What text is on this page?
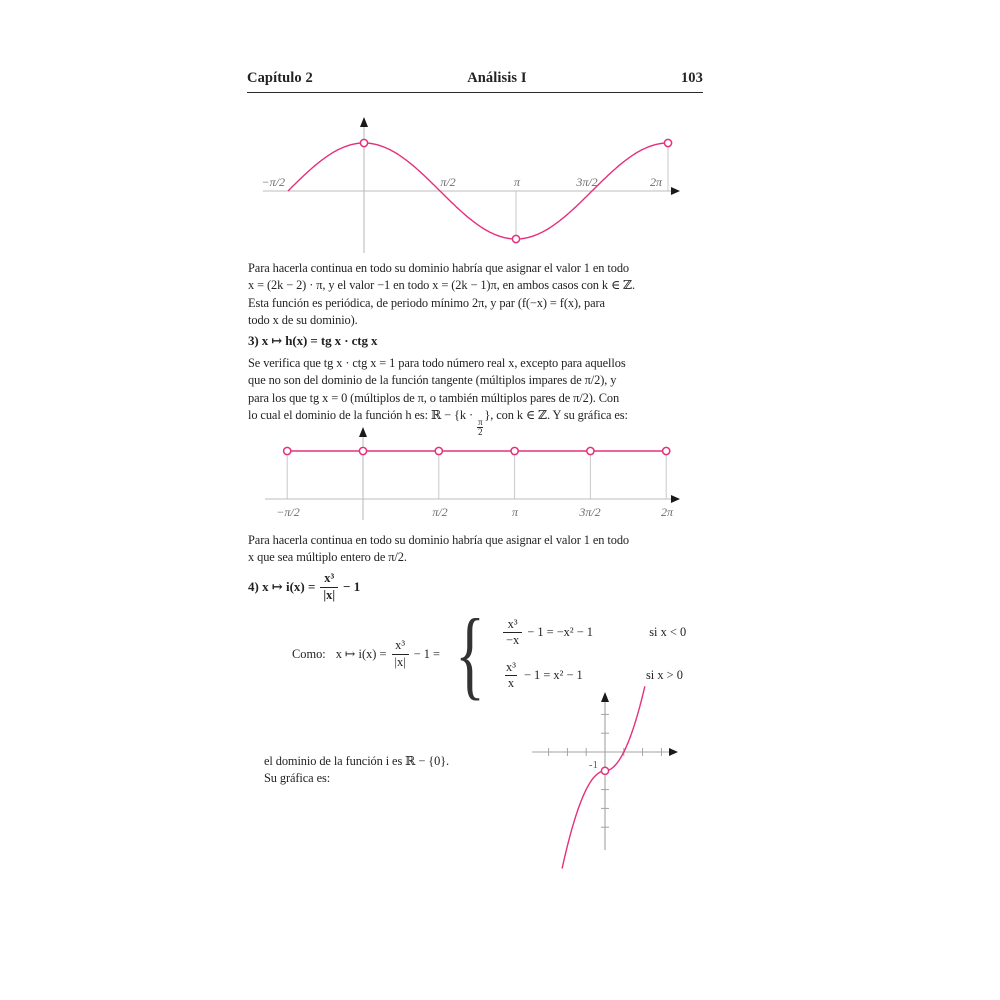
Capítulo 2	Análisis I	103
−π/2	π/2	π	3π/2	2π
Para hacerla continua en todo su dominio habría que asignar el valor 1 en todo
x = (2k − 2) · π, y el valor −1 en todo x = (2k − 1)π, en ambos casos con k ∈ ℤ.
Esta función es periódica, de periodo mínimo 2π, y par (f(−x) = f(x), para
todo x de su dominio).
3) x ↦ h(x) = tg x · ctg x
Se verifica que tg x · ctg x = 1 para todo número real x, excepto para aquellos
que no son del dominio de la función tangente (múltiplos impares de π/2), y
para los que tg x = 0 (múltiplos de π, o también múltiplos pares de π/2). Con
lo cual el dominio de la función h es: ℝ − {k ·
$\frac{\pi}{2}$
}, con k ∈ ℤ. Y su gráfica es:
−π/2	π/2	π	3π/2	2π
Para hacerla continua en todo su dominio habría que asignar el valor 1 en todo
x que sea múltiplo entero de π/2.
4) x ↦ $i(x) = \frac{\text{x³}}{|x|} - 1$
Como: x ↦ $i(x) = \frac{\text{x³}}{|x|} - 1$ = { $\frac{\text{x³}}{-x} - 1 = -x^2 - 1$	si x < 0
$\frac{\text{x³}}{x} - 1 = x^2 - 1$	si x > 0
el dominio de la función i es ℝ − {0}.
Su gráfica es:
-1
